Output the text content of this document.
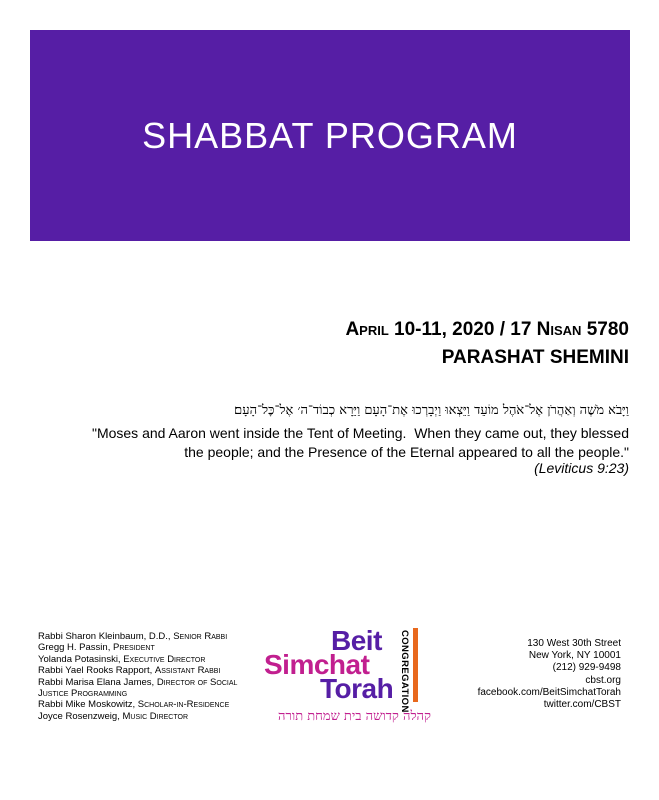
SHABBAT PROGRAM
April 10-11, 2020 / 17 Nisan 5780
PARASHAT SHEMINI
וַיָּבֹא מֹשֶׁה וְאַהֲרֹן אֶל־אֹהֶל מוֹעֵד וַיֵּצְאוּ וַיְבָרְכוּ אֶת־הָעָם וַיֵּרָא כְבוֹד־ה׳ אֶל־כׇּל־הָעָם׃
"Moses and Aaron went inside the Tent of Meeting.  When they came out, they blessed
the people; and the Presence of the Eternal appeared to all the people."
(Leviticus 9:23)
Rabbi Sharon Kleinbaum, D.D., Senior Rabbi
Gregg H. Passin, President
Yolanda Potasinski, Executive Director
Rabbi Yael Rooks Rapport, Assistant Rabbi
Rabbi Marisa Elana James, Director of Social
Justice Programming
Rabbi Mike Moskowitz, Scholar-in-Residence
Joyce Rosenzweig, Music Director
Beit
Simchat
Torah CONGREGATION
קהלה קדושה בית שמחת תורה
130 West 30th Street
New York, NY 10001
(212) 929-9498
cbst.org
facebook.com/BeitSimchatTorah
twitter.com/CBST
